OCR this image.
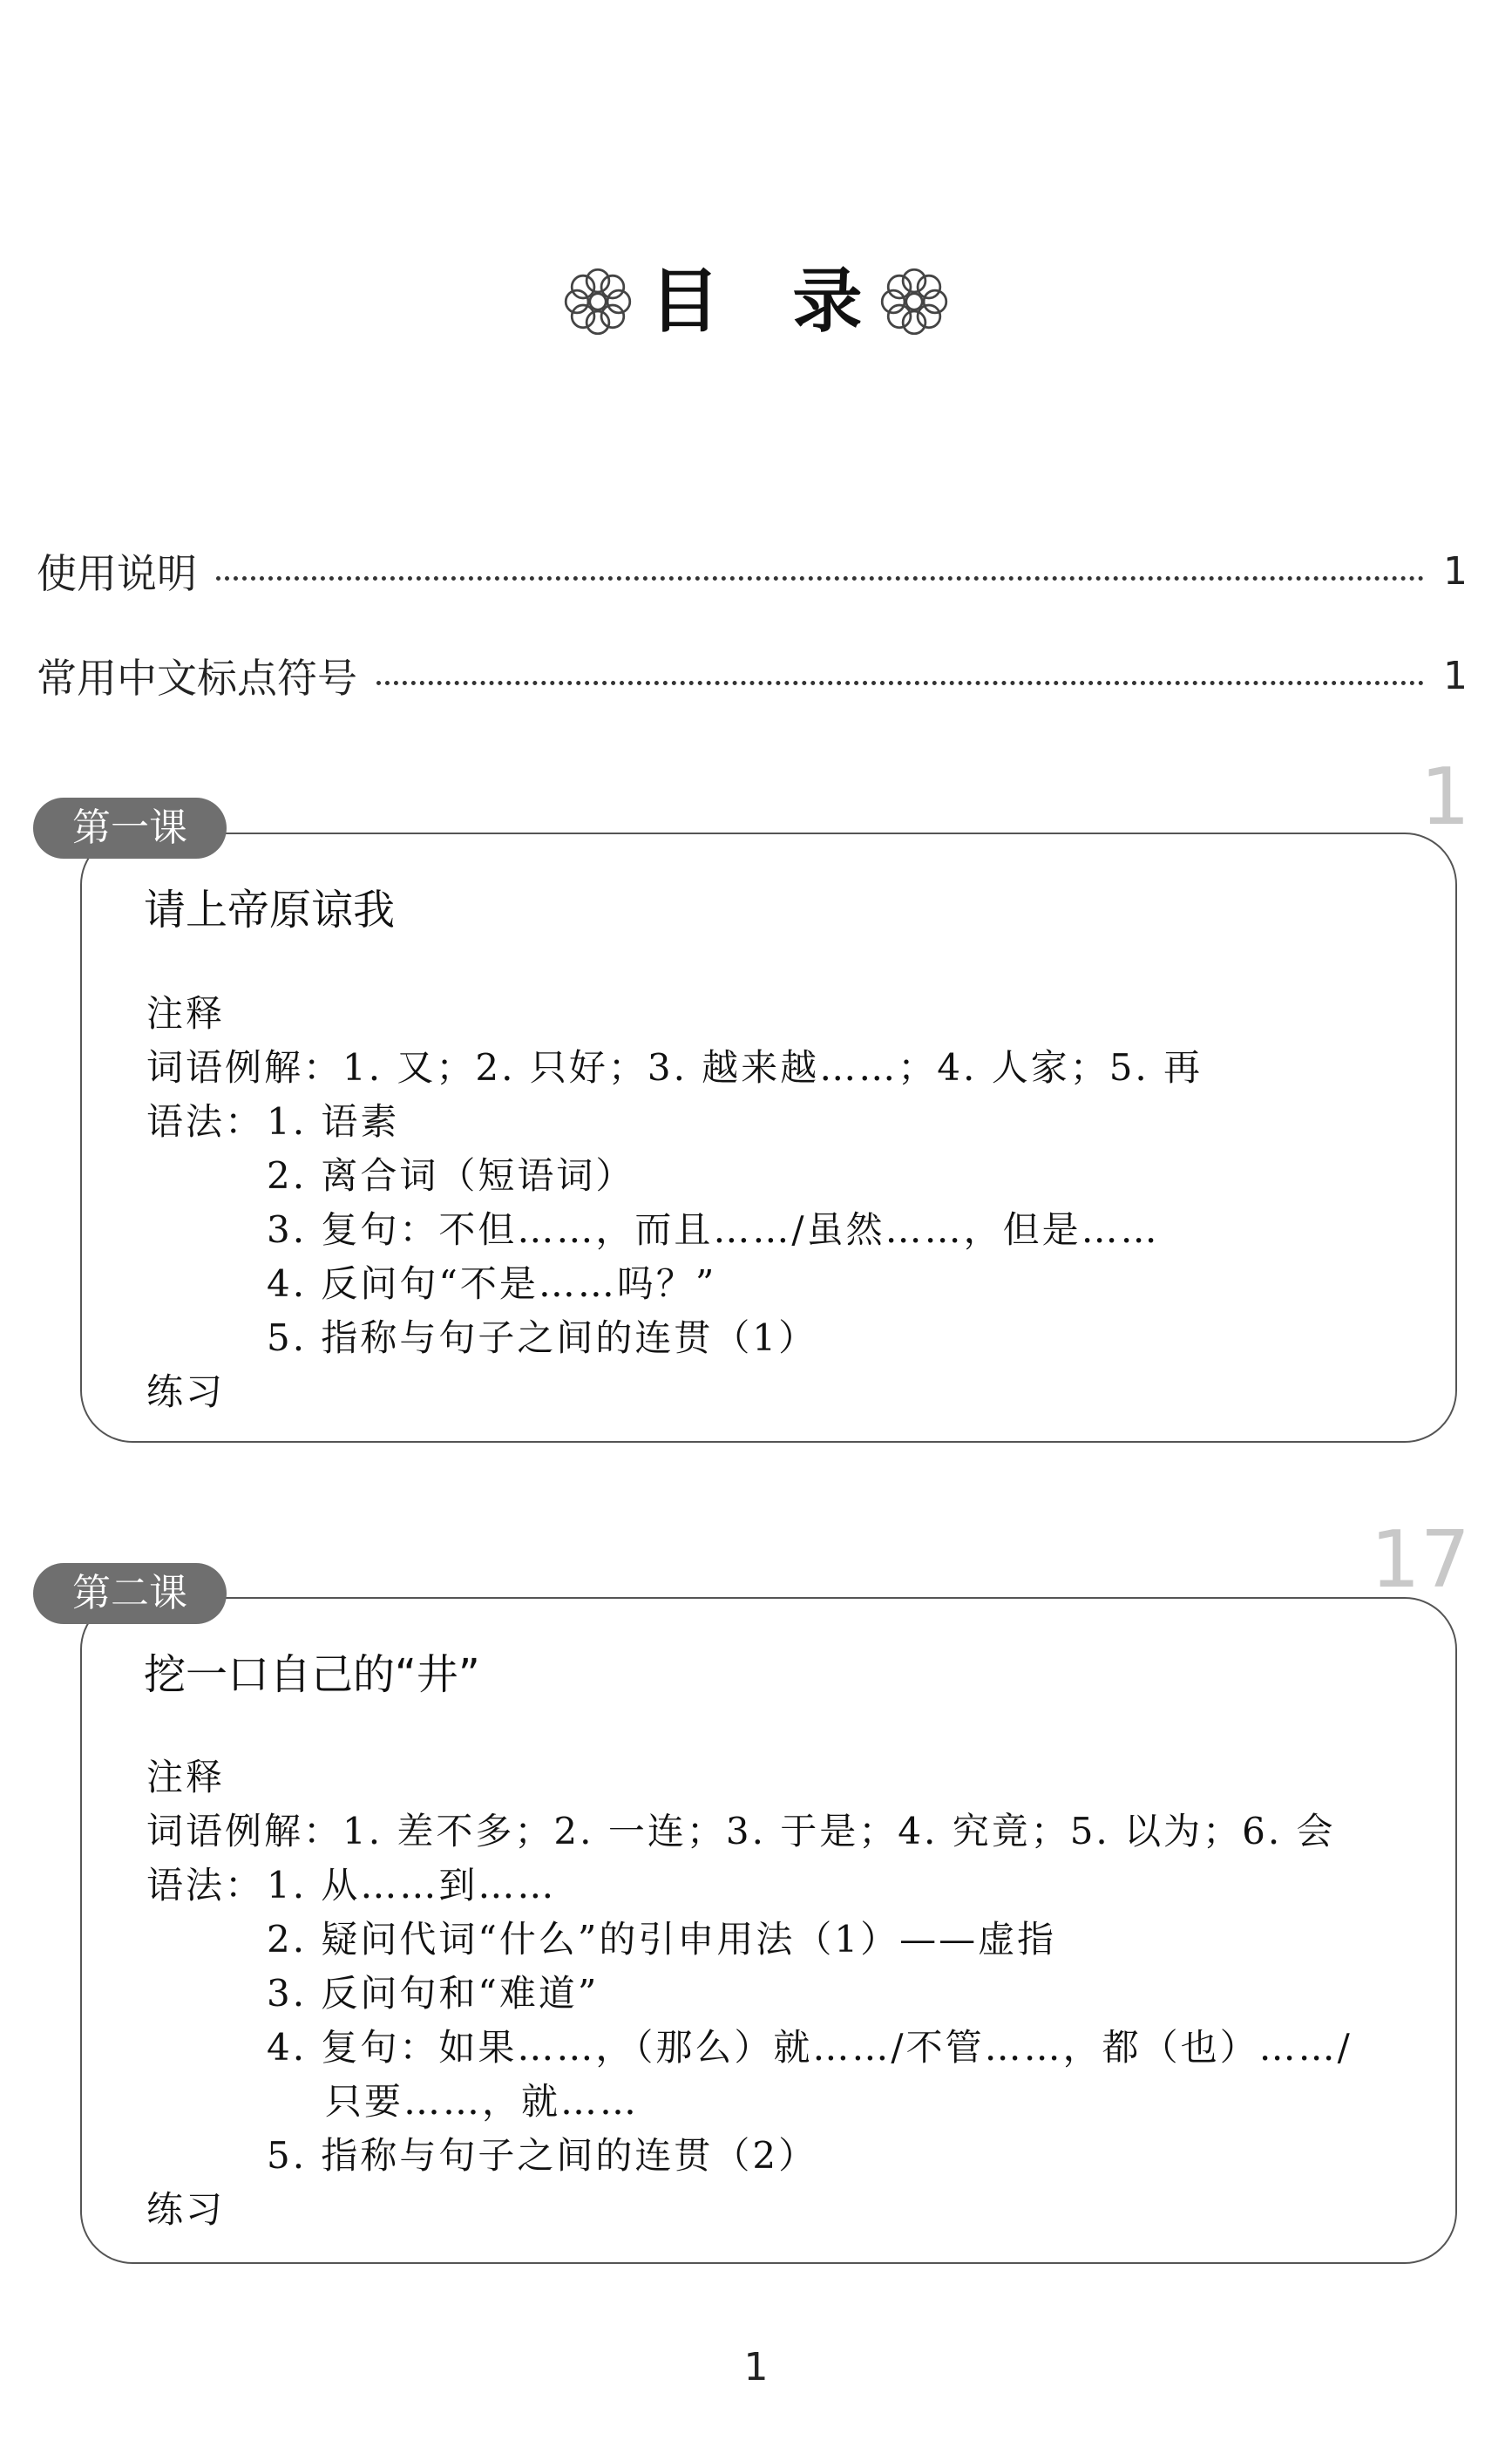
目 录
使用说明	1
常用中文标点符号	1
1
第一课
请上帝原谅我
注释
词语例解：1. 又；2. 只好；3. 越来越……；4. 人家；5. 再
语法： 1. 语素
2. 离合词（短语词）
3. 复句：不但……，而且……/虽然……，但是……
4. 反问句“不是……吗？”
5. 指称与句子之间的连贯（1）
练习
17
第二课
挖一口自己的“井”
注释
词语例解：1. 差不多；2. 一连；3. 于是；4. 究竟；5. 以为；6. 会
语法： 1. 从……到……
2. 疑问代词“什么”的引申用法（1）——虚指
3. 反问句和“难道”
4. 复句：如果……，（那么）就……/不管……，都（也）……/
只要……，就……
5. 指称与句子之间的连贯（2）
练习
1
